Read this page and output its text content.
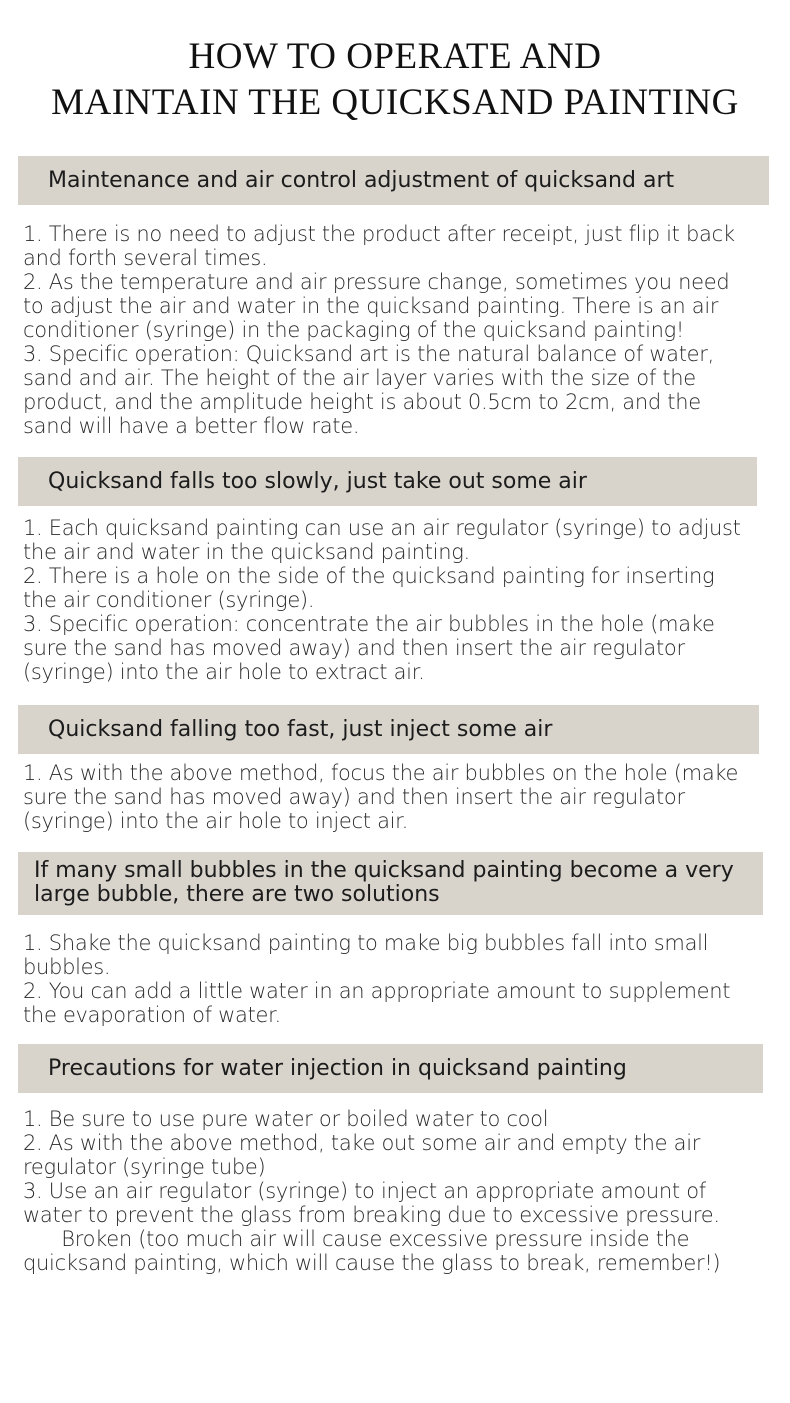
HOW TO OPERATE AND
MAINTAIN THE QUICKSAND PAINTING
Maintenance and air control adjustment of quicksand art
1. There is no need to adjust the product after receipt, just flip it back
and forth several times.
2. As the temperature and air pressure change, sometimes you need
to adjust the air and water in the quicksand painting. There is an air
conditioner (syringe) in the packaging of the quicksand painting!
3. Specific operation: Quicksand art is the natural balance of water,
sand and air. The height of the air layer varies with the size of the
product, and the amplitude height is about 0.5cm to 2cm, and the
sand will have a better flow rate.
Quicksand falls too slowly, just take out some air
1. Each quicksand painting can use an air regulator (syringe) to adjust
the air and water in the quicksand painting.
2. There is a hole on the side of the quicksand painting for inserting
the air conditioner (syringe).
3. Specific operation: concentrate the air bubbles in the hole (make
sure the sand has moved away) and then insert the air regulator
(syringe) into the air hole to extract air.
Quicksand falling too fast, just inject some air
1. As with the above method, focus the air bubbles on the hole (make
sure the sand has moved away) and then insert the air regulator
(syringe) into the air hole to inject air.
If many small bubbles in the quicksand painting become a very
large bubble, there are two solutions
1. Shake the quicksand painting to make big bubbles fall into small
bubbles.
2. You can add a little water in an appropriate amount to supplement
the evaporation of water.
Precautions for water injection in quicksand painting
1. Be sure to use pure water or boiled water to cool
2. As with the above method, take out some air and empty the air
regulator (syringe tube)
3. Use an air regulator (syringe) to inject an appropriate amount of
water to prevent the glass from breaking due to excessive pressure.
Broken (too much air will cause excessive pressure inside the
quicksand painting, which will cause the glass to break, remember!)
